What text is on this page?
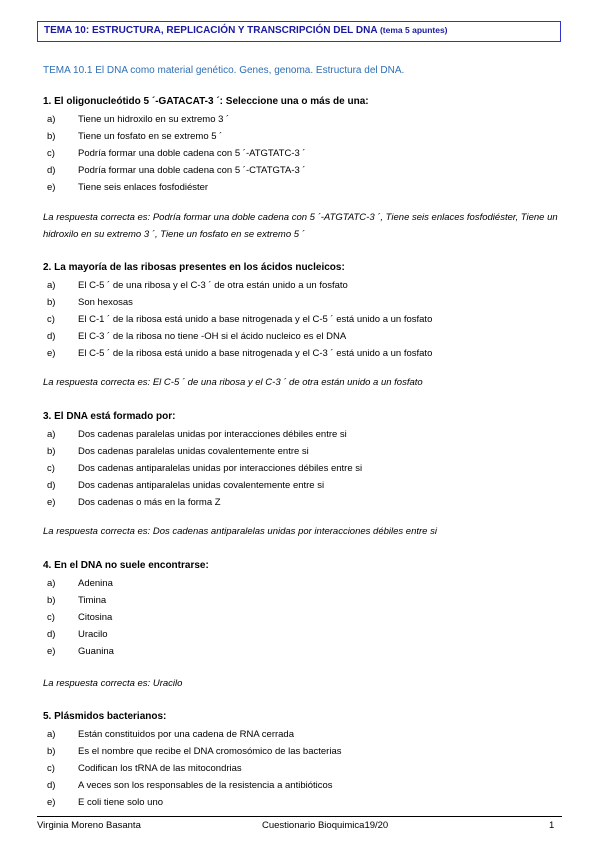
TEMA 10: ESTRUCTURA, REPLICACIÓN Y TRANSCRIPCIÓN DEL DNA (tema 5 apuntes)
TEMA 10.1 El DNA como material genético. Genes, genoma. Estructura del DNA.
1. El oligonucleótido 5 ´-GATACAT-3 ´: Seleccione una o más de una:
a) Tiene un hidroxilo en su extremo 3 ´
b) Tiene un fosfato en se extremo 5 ´
c) Podría formar una doble cadena con 5 ´-ATGTATC-3 ´
d) Podría formar una doble cadena con 5 ´-CTATGTA-3 ´
e) Tiene seis enlaces fosfodiéster
La respuesta correcta es: Podría formar una doble cadena con 5 ´-ATGTATC-3 ´, Tiene seis enlaces fosfodiéster, Tiene un hidroxilo en su extremo 3 ´, Tiene un fosfato en se extremo 5 ´
2. La mayoría de las ribosas presentes en los ácidos nucleicos:
a) El C-5 ´ de una ribosa y el C-3 ´ de otra están unido a un fosfato
b) Son hexosas
c) El C-1 ´ de la ribosa está unido a base nitrogenada y el C-5 ´ está unido a un fosfato
d) El C-3 ´ de la ribosa no tiene -OH si el ácido nucleico es el DNA
e) El C-5 ´ de la ribosa está unido a base nitrogenada y el C-3 ´ está unido a un fosfato
La respuesta correcta es: El C-5 ´ de una ribosa y el C-3 ´ de otra están unido a un fosfato
3. El DNA está formado por:
a) Dos cadenas paralelas unidas por interacciones débiles entre si
b) Dos cadenas paralelas unidas covalentemente entre si
c) Dos cadenas antiparalelas unidas por interacciones débiles entre si
d) Dos cadenas antiparalelas unidas covalentemente entre si
e) Dos cadenas o más en la forma Z
La respuesta correcta es: Dos cadenas antiparalelas unidas por interacciones débiles entre si
4. En el DNA no suele encontrarse:
a) Adenina
b) Timina
c) Citosina
d) Uracilo
e) Guanina
La respuesta correcta es: Uracilo
5. Plásmidos bacterianos:
a) Están constituidos por una cadena de RNA cerrada
b) Es el nombre que recibe el DNA cromosómico de las bacterias
c) Codifican los tRNA de las mitocondrias
d) A veces son los responsables de la resistencia a antibióticos
e) E coli tiene solo uno
Virginia Moreno Basanta	Cuestionario Bioquimica19/20	1
